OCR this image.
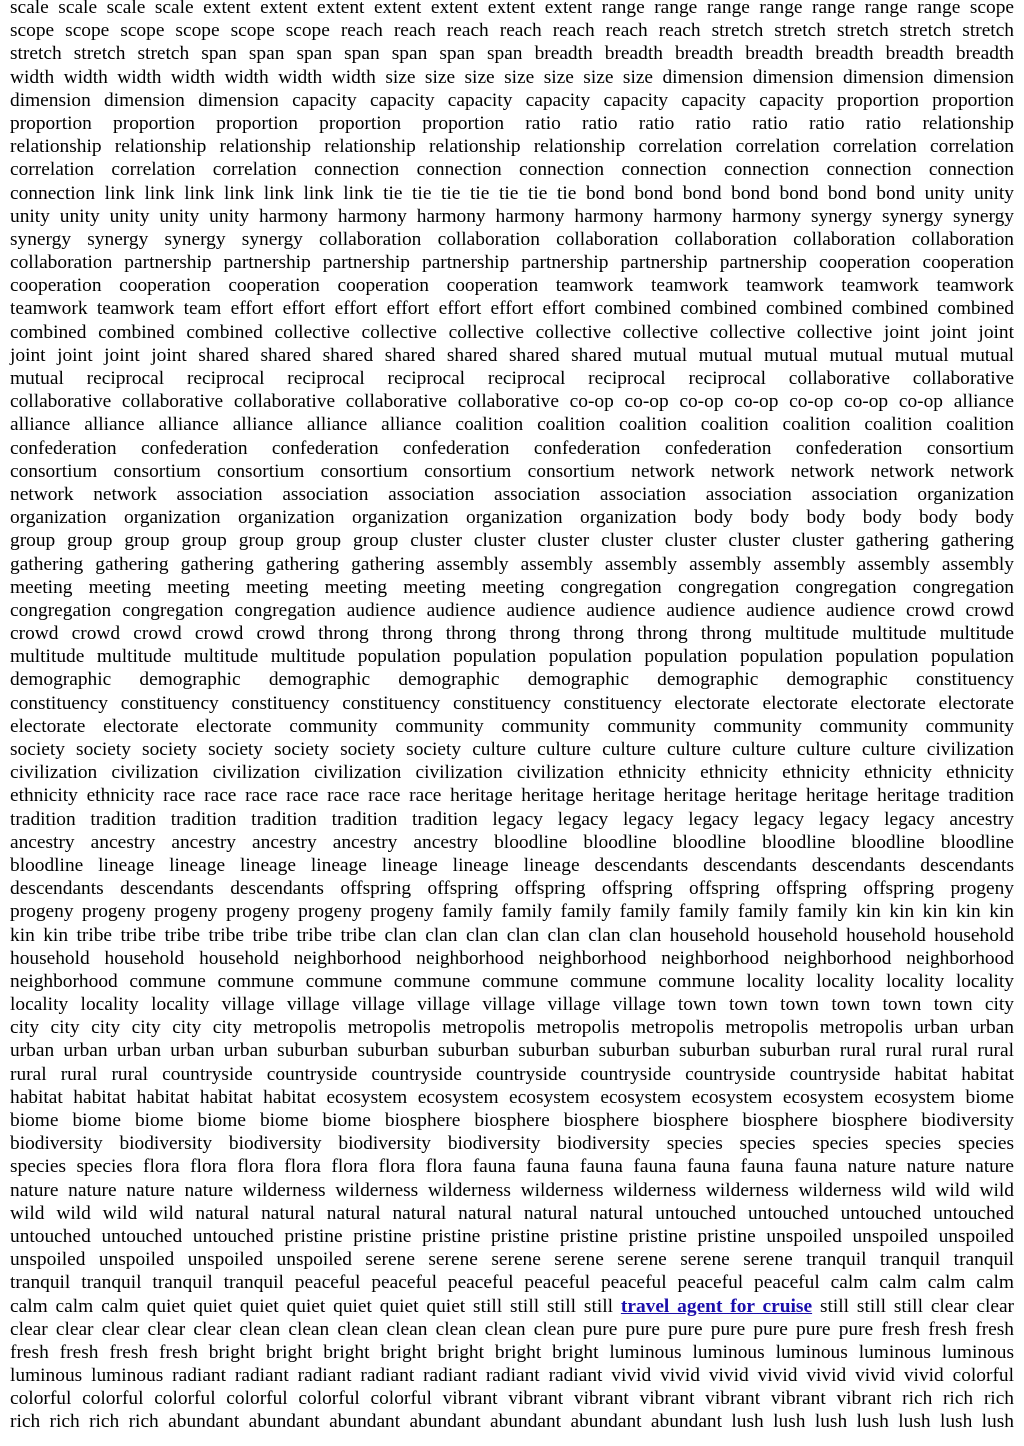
scale scale scale scale extent extent extent extent extent extent extent range range range range range range range scope
scope scope scope scope scope scope reach reach reach reach reach reach reach stretch stretch stretch stretch stretch
stretch stretch stretch span span span span span span span breadth breadth breadth breadth breadth breadth breadth
width width width width width width width size size size size size size size dimension dimension dimension dimension
dimension dimension dimension capacity capacity capacity capacity capacity capacity capacity proportion proportion
proportion proportion proportion proportion proportion ratio ratio ratio ratio ratio ratio ratio relationship
relationship relationship relationship relationship relationship relationship correlation correlation correlation correlation
correlation correlation correlation connection connection connection connection connection connection connection
connection link link link link link link link tie tie tie tie tie tie tie bond bond bond bond bond bond bond unity unity
unity unity unity unity unity harmony harmony harmony harmony harmony harmony harmony synergy synergy synergy
synergy synergy synergy synergy collaboration collaboration collaboration collaboration collaboration collaboration
collaboration partnership partnership partnership partnership partnership partnership partnership cooperation cooperation
cooperation cooperation cooperation cooperation cooperation teamwork teamwork teamwork teamwork teamwork
teamwork teamwork team effort effort effort effort effort effort effort combined combined combined combined combined
combined combined combined collective collective collective collective collective collective collective joint joint joint
joint joint joint joint shared shared shared shared shared shared shared mutual mutual mutual mutual mutual mutual
mutual reciprocal reciprocal reciprocal reciprocal reciprocal reciprocal reciprocal collaborative collaborative
collaborative collaborative collaborative collaborative collaborative co-op co-op co-op co-op co-op co-op co-op alliance
alliance alliance alliance alliance alliance alliance coalition coalition coalition coalition coalition coalition coalition
confederation confederation confederation confederation confederation confederation confederation consortium
consortium consortium consortium consortium consortium consortium network network network network network
network network association association association association association association association organization
organization organization organization organization organization organization body body body body body body
group group group group group group group cluster cluster cluster cluster cluster cluster cluster gathering gathering
gathering gathering gathering gathering gathering assembly assembly assembly assembly assembly assembly assembly
meeting meeting meeting meeting meeting meeting meeting congregation congregation congregation congregation
congregation congregation congregation audience audience audience audience audience audience audience crowd crowd
crowd crowd crowd crowd crowd throng throng throng throng throng throng throng multitude multitude multitude
multitude multitude multitude multitude population population population population population population population
demographic demographic demographic demographic demographic demographic demographic constituency
constituency constituency constituency constituency constituency constituency electorate electorate electorate electorate
electorate electorate electorate community community community community community community community
society society society society society society society culture culture culture culture culture culture culture civilization
civilization civilization civilization civilization civilization civilization ethnicity ethnicity ethnicity ethnicity ethnicity
ethnicity ethnicity race race race race race race race heritage heritage heritage heritage heritage heritage heritage tradition
tradition tradition tradition tradition tradition tradition legacy legacy legacy legacy legacy legacy legacy ancestry
ancestry ancestry ancestry ancestry ancestry ancestry bloodline bloodline bloodline bloodline bloodline bloodline
bloodline lineage lineage lineage lineage lineage lineage lineage descendants descendants descendants descendants
descendants descendants descendants offspring offspring offspring offspring offspring offspring offspring progeny
progeny progeny progeny progeny progeny progeny family family family family family family family kin kin kin kin kin
kin kin tribe tribe tribe tribe tribe tribe tribe clan clan clan clan clan clan clan household household household household
household household household neighborhood neighborhood neighborhood neighborhood neighborhood neighborhood
neighborhood commune commune commune commune commune commune commune locality locality locality locality
locality locality locality village village village village village village village town town town town town town city
city city city city city city metropolis metropolis metropolis metropolis metropolis metropolis metropolis urban urban
urban urban urban urban urban suburban suburban suburban suburban suburban suburban suburban rural rural rural rural
rural rural rural countryside countryside countryside countryside countryside countryside countryside habitat habitat
habitat habitat habitat habitat habitat ecosystem ecosystem ecosystem ecosystem ecosystem ecosystem ecosystem biome
biome biome biome biome biome biome biosphere biosphere biosphere biosphere biosphere biosphere biodiversity
biodiversity biodiversity biodiversity biodiversity biodiversity biodiversity species species species species species
species species flora flora flora flora flora flora flora fauna fauna fauna fauna fauna fauna fauna nature nature nature
nature nature nature nature wilderness wilderness wilderness wilderness wilderness wilderness wilderness wild wild wild
wild wild wild wild natural natural natural natural natural natural natural untouched untouched untouched untouched
untouched untouched untouched pristine pristine pristine pristine pristine pristine pristine unspoiled unspoiled unspoiled
unspoiled unspoiled unspoiled unspoiled serene serene serene serene serene serene serene tranquil tranquil tranquil
tranquil tranquil tranquil tranquil peaceful peaceful peaceful peaceful peaceful peaceful peaceful calm calm calm calm
calm calm calm quiet quiet quiet quiet quiet quiet quiet still still still still travel agent for cruise still still still clear clear
clear clear clear clear clear clean clean clean clean clean clean clean pure pure pure pure pure pure pure fresh fresh fresh
fresh fresh fresh fresh bright bright bright bright bright bright bright luminous luminous luminous luminous luminous
luminous luminous radiant radiant radiant radiant radiant radiant radiant vivid vivid vivid vivid vivid vivid vivid colorful
colorful colorful colorful colorful colorful colorful vibrant vibrant vibrant vibrant vibrant vibrant vibrant rich rich rich
rich rich rich rich abundant abundant abundant abundant abundant abundant abundant lush lush lush lush lush lush lush
